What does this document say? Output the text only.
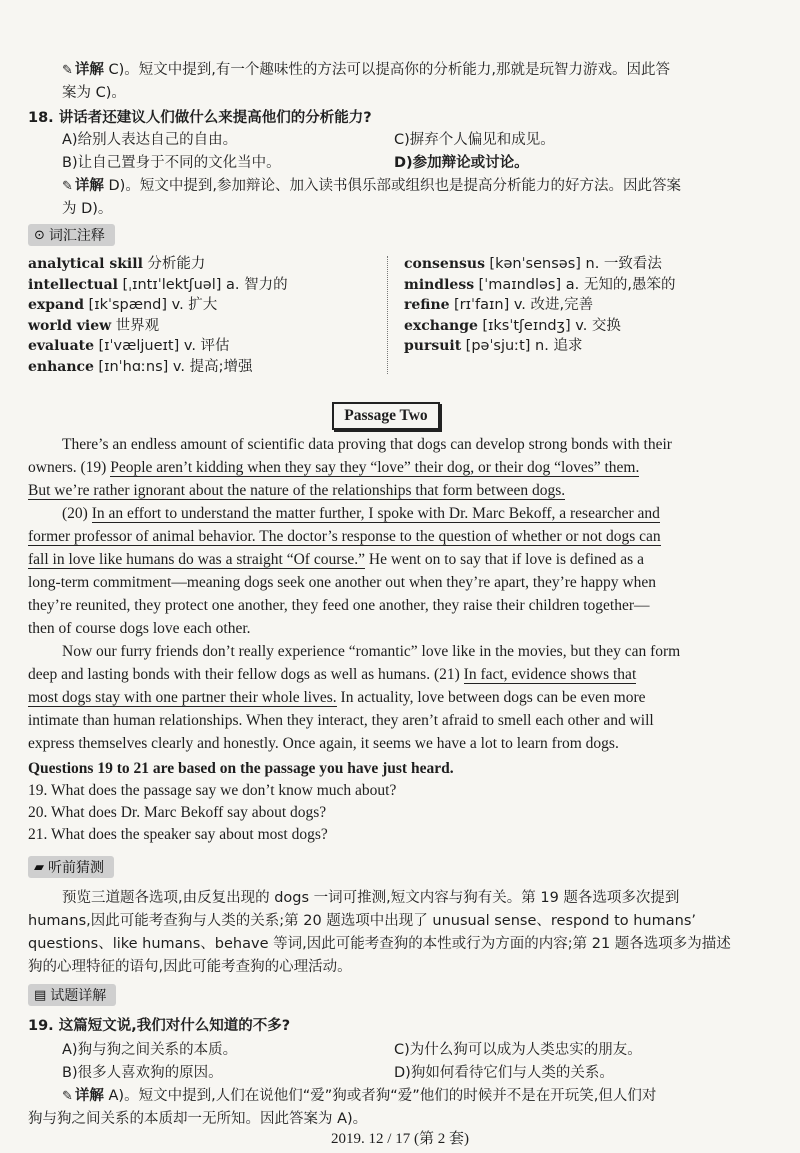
✎ 详解 C)。短文中提到,有一个趣味性的方法可以提高你的分析能力,那就是玩智力游戏。因此答
案为 C)。
18. 讲话者还建议人们做什么来提高他们的分析能力?
A)给别人表达自己的自由。	C)摒弃个人偏见和成见。
B)让自己置身于不同的文化当中。	D)参加辩论或讨论。
✎ 详解 D)。短文中提到,参加辩论、加入读书俱乐部或组织也是提高分析能力的好方法。因此答案
为 D)。
⊙ 词汇注释
analytical skill 分析能力
intellectual [ˌɪntɪˈlektʃuəl] a. 智力的
expand [ɪkˈspænd] v. 扩大
world view 世界观
evaluate [ɪˈvæljueɪt] v. 评估
enhance [ɪnˈhɑːns] v. 提高;增强
consensus [kənˈsensəs] n. 一致看法
mindless [ˈmaɪndləs] a. 无知的,愚笨的
refine [rɪˈfaɪn] v. 改进,完善
exchange [ɪksˈtʃeɪndʒ] v. 交换
pursuit [pəˈsjuːt] n. 追求
Passage Two
There’s an endless amount of scientific data proving that dogs can develop strong bonds with their
owners. (19) People aren’t kidding when they say they “love” their dog, or their dog “loves” them.
But we’re rather ignorant about the nature of the relationships that form between dogs.
(20) In an effort to understand the matter further, I spoke with Dr. Marc Bekoff, a researcher and
former professor of animal behavior. The doctor’s response to the question of whether or not dogs can
fall in love like humans do was a straight “Of course.” He went on to say that if love is defined as a
long-term commitment—meaning dogs seek one another out when they’re apart, they’re happy when
they’re reunited, they protect one another, they feed one another, they raise their children together—
then of course dogs love each other.
Now our furry friends don’t really experience “romantic” love like in the movies, but they can form
deep and lasting bonds with their fellow dogs as well as humans. (21) In fact, evidence shows that
most dogs stay with one partner their whole lives. In actuality, love between dogs can be even more
intimate than human relationships. When they interact, they aren’t afraid to smell each other and will
express themselves clearly and honestly. Once again, it seems we have a lot to learn from dogs.
Questions 19 to 21 are based on the passage you have just heard.
19. What does the passage say we don’t know much about?
20. What does Dr. Marc Bekoff say about dogs?
21. What does the speaker say about most dogs?
▰ 听前猜测
预览三道题各选项,由反复出现的 dogs 一词可推测,短文内容与狗有关。第 19 题各选项多次提到
humans,因此可能考查狗与人类的关系;第 20 题选项中出现了 unusual sense、respond to humans’
questions、like humans、behave 等词,因此可能考查狗的本性或行为方面的内容;第 21 题各选项多为描述
狗的心理特征的语句,因此可能考查狗的心理活动。
▤ 试题详解
19. 这篇短文说,我们对什么知道的不多?
A)狗与狗之间关系的本质。	C)为什么狗可以成为人类忠实的朋友。
B)很多人喜欢狗的原因。	D)狗如何看待它们与人类的关系。
✎ 详解 A)。短文中提到,人们在说他们“爱”狗或者狗“爱”他们的时候并不是在开玩笑,但人们对
狗与狗之间关系的本质却一无所知。因此答案为 A)。
2019. 12 / 17 (第 2 套)
